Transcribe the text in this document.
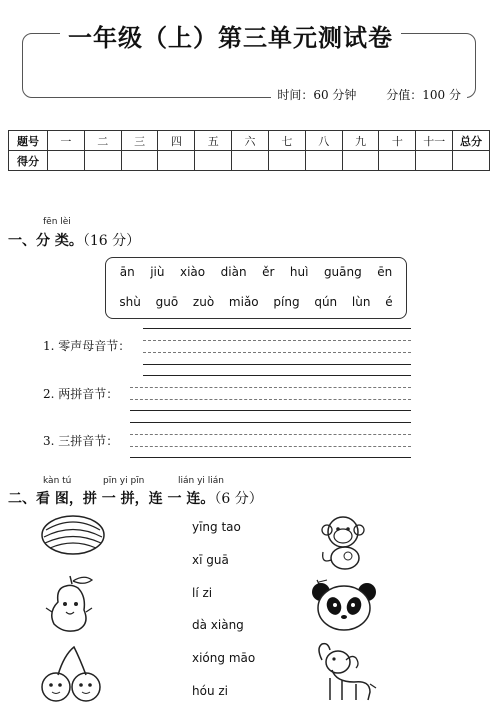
一年级（上）第三单元测试卷
时间：60 分钟 分值：100 分
题号	一	二	三	四	五	六	七	八	九	十	十一	总分
得分												
fēn lèi
一、分 类。（16 分）
ān jiù xiào diàn ěr huì guāng ēn
shù guō zuò miǎo píng qún lùn é
1. 零声母音节：
2. 两拼音节：
3. 三拼音节：
kàn tú	pīn yi pīn	lián yi lián
二、看 图，拼 一 拼，连 一 连。（6 分）
yīng tao
xī guā
lí zi
dà xiàng
xióng māo
hóu zi
